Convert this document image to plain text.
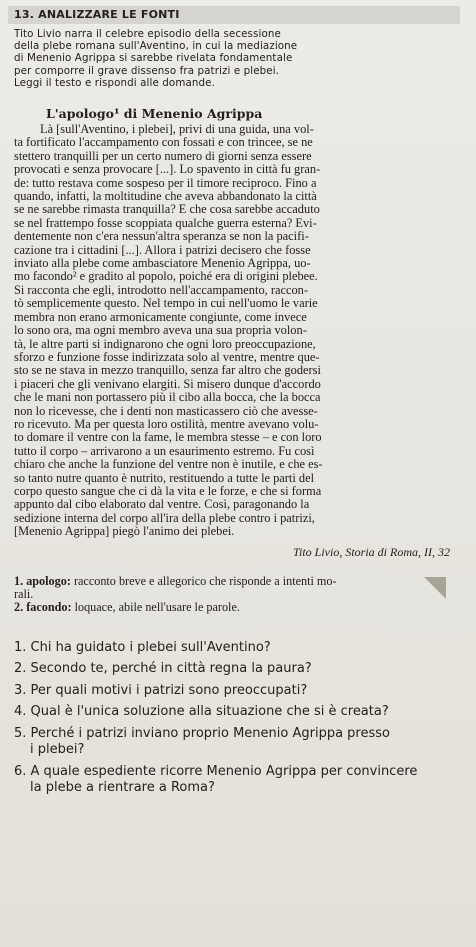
13. ANALIZZARE LE FONTI
Tito Livio narra il celebre episodio della secessione
della plebe romana sull'Aventino, in cui la mediazione
di Menenio Agrippa si sarebbe rivelata fondamentale
per comporre il grave dissenso fra patrizi e plebei.
Leggi il testo e rispondi alle domande.
L'apologo¹ di Menenio Agrippa
Là [sull'Aventino, i plebei], privi di una guida, una vol-
ta fortificato l'accampamento con fossati e con trincee, se ne
stettero tranquilli per un certo numero di giorni senza essere
provocati e senza provocare [...]. Lo spavento in città fu gran-
de: tutto restava come sospeso per il timore reciproco. Fino a
quando, infatti, la moltitudine che aveva abbandonato la città
se ne sarebbe rimasta tranquilla? E che cosa sarebbe accaduto
se nel frattempo fosse scoppiata qualche guerra esterna? Evi-
dentemente non c'era nessun'altra speranza se non la pacifi-
cazione tra i cittadini [...]. Allora i patrizi decisero che fosse
inviato alla plebe come ambasciatore Menenio Agrippa, uo-
mo facondo² e gradito al popolo, poiché era di origini plebee.
Si racconta che egli, introdotto nell'accampamento, raccon-
tò semplicemente questo. Nel tempo in cui nell'uomo le varie
membra non erano armonicamente congiunte, come invece
lo sono ora, ma ogni membro aveva una sua propria volon-
tà, le altre parti si indignarono che ogni loro preoccupazione,
sforzo e funzione fosse indirizzata solo al ventre, mentre que-
sto se ne stava in mezzo tranquillo, senza far altro che godersi
i piaceri che gli venivano elargiti. Si misero dunque d'accordo
che le mani non portassero più il cibo alla bocca, che la bocca
non lo ricevesse, che i denti non masticassero ciò che avesse-
ro ricevuto. Ma per questa loro ostilità, mentre avevano volu-
to domare il ventre con la fame, le membra stesse – e con loro
tutto il corpo – arrivarono a un esaurimento estremo. Fu così
chiaro che anche la funzione del ventre non è inutile, e che es-
so tanto nutre quanto è nutrito, restituendo a tutte le parti del
corpo questo sangue che ci dà la vita e le forze, e che si forma
appunto dal cibo elaborato dal ventre. Così, paragonando la
sedizione interna del corpo all'ira della plebe contro i patrizi,
[Menenio Agrippa] piegò l'animo dei plebei.
Tito Livio, Storia di Roma, II, 32
1. apologo: racconto breve e allegorico che risponde a intenti mo-
rali.
2. facondo: loquace, abile nell'usare le parole.
1. Chi ha guidato i plebei sull'Aventino?
2. Secondo te, perché in città regna la paura?
3. Per quali motivi i patrizi sono preoccupati?
4. Qual è l'unica soluzione alla situazione che si è creata?
5. Perché i patrizi inviano proprio Menenio Agrippa presso
i plebei?
6. A quale espediente ricorre Menenio Agrippa per convincere
la plebe a rientrare a Roma?
